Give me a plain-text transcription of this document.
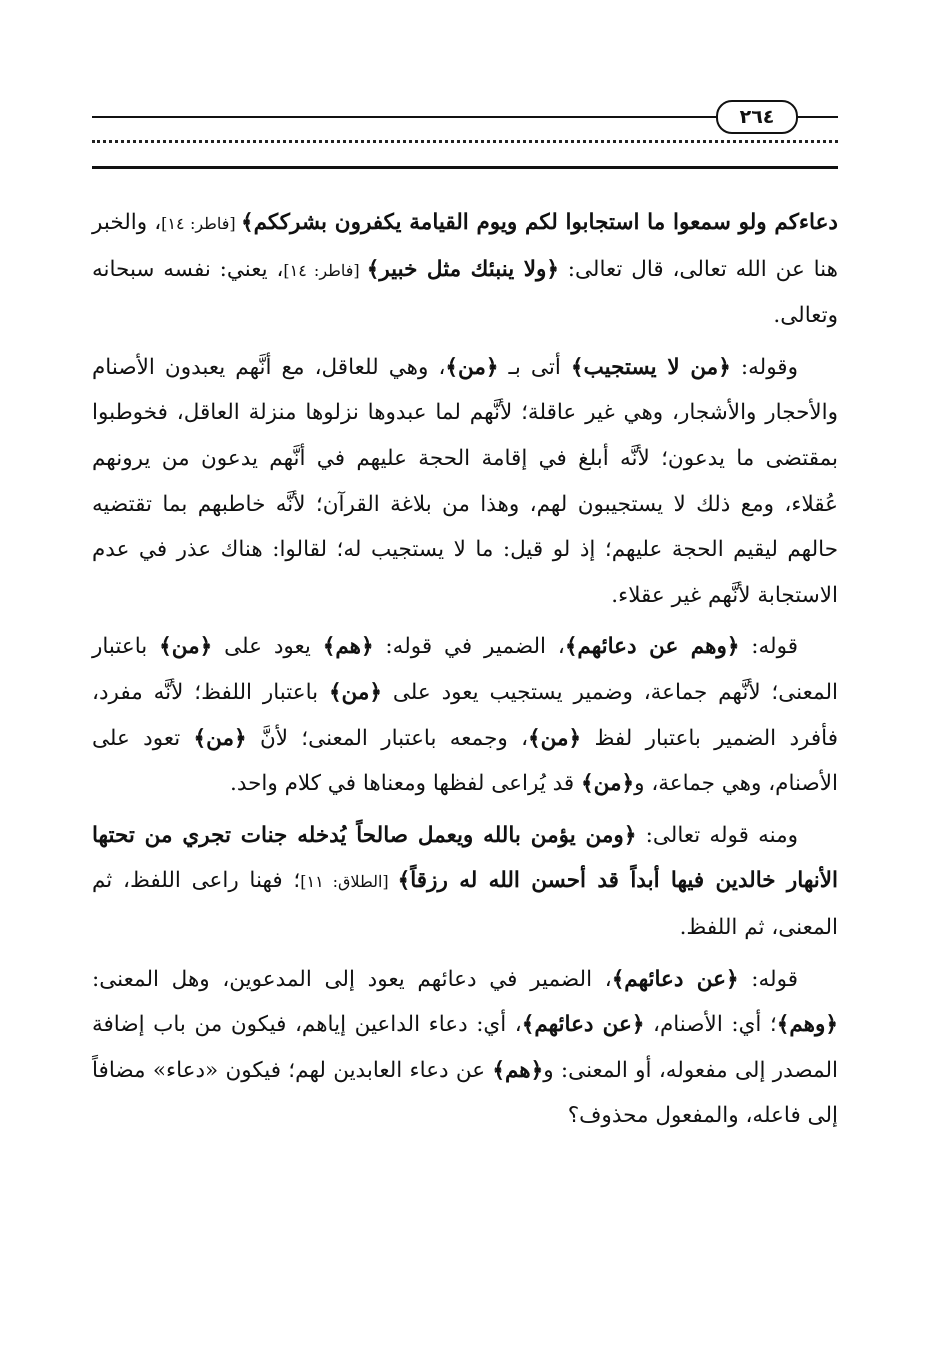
٢٦٤

دعاءكم ولو سمعوا ما استجابوا لكم ويوم القيامة يكفرون بشرككم﴾ [فاطر: ١٤]، والخبر هنا عن الله تعالى، قال تعالى: ﴿ولا ينبئك مثل خبير﴾ [فاطر: ١٤]، يعني: نفسه سبحانه وتعالى.

وقوله: ﴿من لا يستجيب﴾ أتى بـ ﴿من﴾، وهي للعاقل، مع أنَّهم يعبدون الأصنام والأحجار والأشجار، وهي غير عاقلة؛ لأنَّهم لما عبدوها نزلوها منزلة العاقل، فخوطبوا بمقتضى ما يدعون؛ لأنَّه أبلغ في إقامة الحجة عليهم في أنَّهم يدعون من يرونهم عُقلاء، ومع ذلك لا يستجيبون لهم، وهذا من بلاغة القرآن؛ لأنَّه خاطبهم بما تقتضيه حالهم ليقيم الحجة عليهم؛ إذ لو قيل: ما لا يستجيب له؛ لقالوا: هناك عذر في عدم الاستجابة لأنَّهم غير عقلاء.

قوله: ﴿وهم عن دعائهم﴾، الضمير في قوله: ﴿هم﴾ يعود على ﴿من﴾ باعتبار المعنى؛ لأنَّهم جماعة، وضمير يستجيب يعود على ﴿من﴾ باعتبار اللفظ؛ لأنَّه مفرد، فأفرد الضمير باعتبار لفظ ﴿من﴾، وجمعه باعتبار المعنى؛ لأنَّ ﴿من﴾ تعود على الأصنام، وهي جماعة، و﴿من﴾ قد يُراعى لفظها ومعناها في كلام واحد.

ومنه قوله تعالى: ﴿ومن يؤمن بالله ويعمل صالحاً يُدخله جنات تجري من تحتها الأنهار خالدين فيها أبداً قد أحسن الله له رزقاً﴾ [الطلاق: ١١]؛ فهنا راعى اللفظ، ثم المعنى، ثم اللفظ.

قوله: ﴿عن دعائهم﴾، الضمير في دعائهم يعود إلى المدعوين، وهل المعنى: ﴿وهم﴾؛ أي: الأصنام، ﴿عن دعائهم﴾، أي: دعاء الداعين إياهم، فيكون من باب إضافة المصدر إلى مفعوله، أو المعنى: و﴿هم﴾ عن دعاء العابدين لهم؛ فيكون «دعاء» مضافاً إلى فاعله، والمفعول محذوف؟
